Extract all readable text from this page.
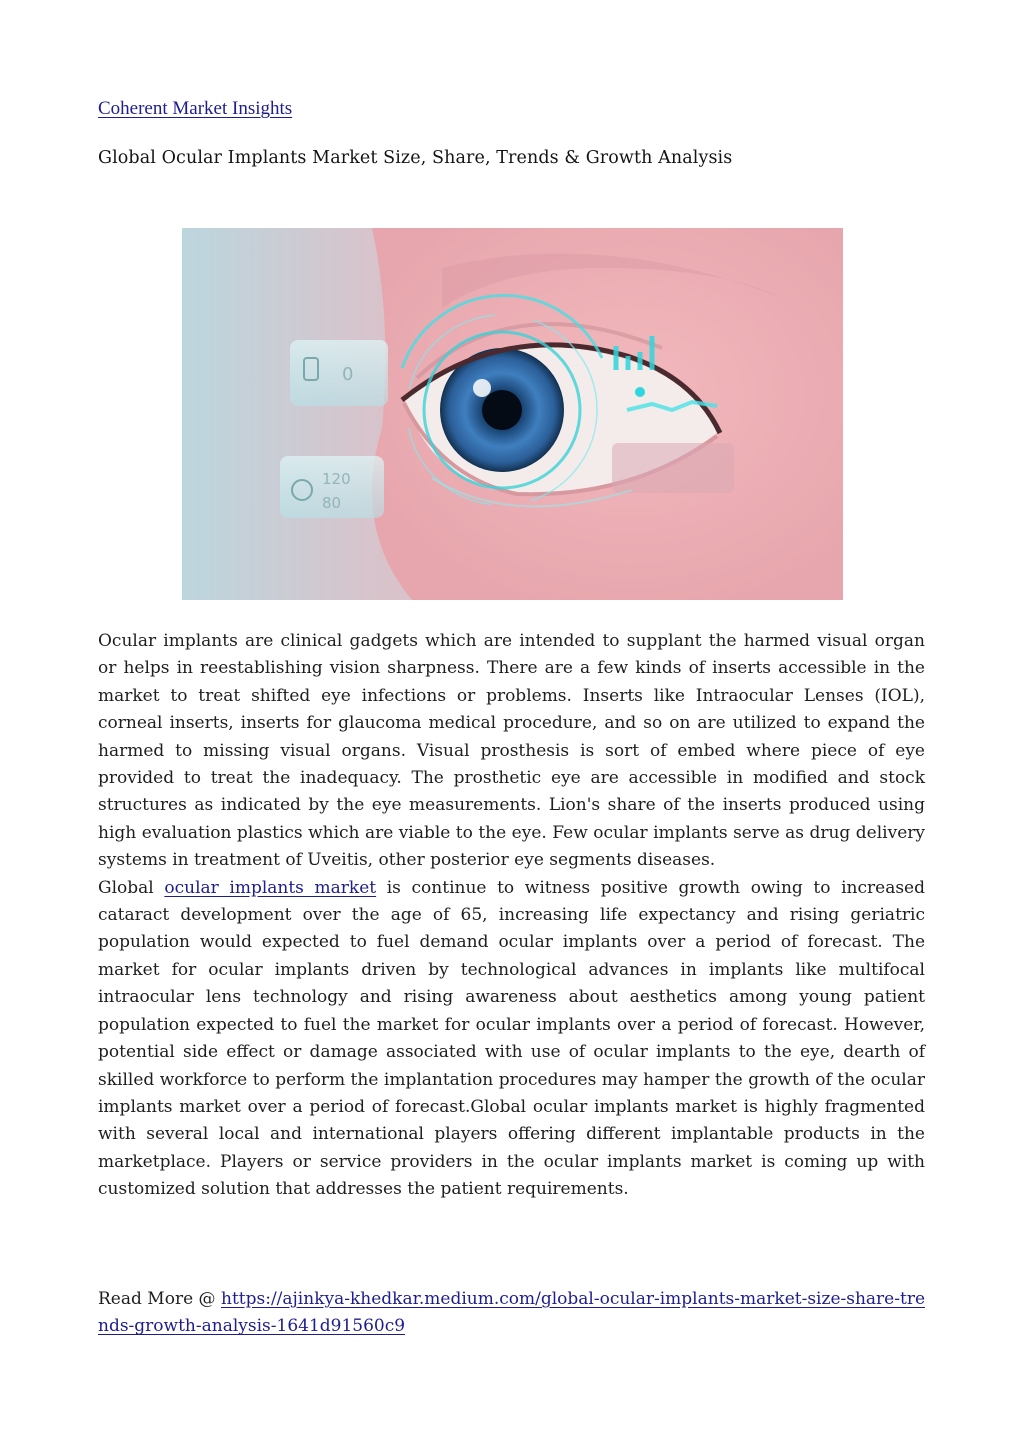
Coherent Market Insights
Global Ocular Implants Market Size, Share, Trends & Growth Analysis
0
120
80

Ocular implants are clinical gadgets which are intended to supplant the harmed visual organ or helps in reestablishing vision sharpness. There are a few kinds of inserts accessible in the market to treat shifted eye infections or problems. Inserts like Intraocular Lenses (IOL), corneal inserts, inserts for glaucoma medical procedure, and so on are utilized to expand the harmed to missing visual organs. Visual prosthesis is sort of embed where piece of eye provided to treat the inadequacy. The prosthetic eye are accessible in modified and stock structures as indicated by the eye measurements. Lion's share of the inserts produced using high evaluation plastics which are viable to the eye. Few ocular implants serve as drug delivery systems in treatment of Uveitis, other posterior eye segments diseases.

Global ocular implants market is continue to witness positive growth owing to increased cataract development over the age of 65, increasing life expectancy and rising geriatric population would expected to fuel demand ocular implants over a period of forecast. The market for ocular implants driven by technological advances in implants like multifocal intraocular lens technology and rising awareness about aesthetics among young patient population expected to fuel the market for ocular implants over a period of forecast. However, potential side effect or damage associated with use of ocular implants to the eye, dearth of skilled workforce to perform the implantation procedures may hamper the growth of the ocular implants market over a period of forecast.Global ocular implants market is highly fragmented with several local and international players offering different implantable products in the marketplace. Players or service providers in the ocular implants market is coming up with customized solution that addresses the patient requirements.

Read More @ https://ajinkya-khedkar.medium.com/global-ocular-implants-market-size-share-trends-growth-analysis-1641d91560c9
